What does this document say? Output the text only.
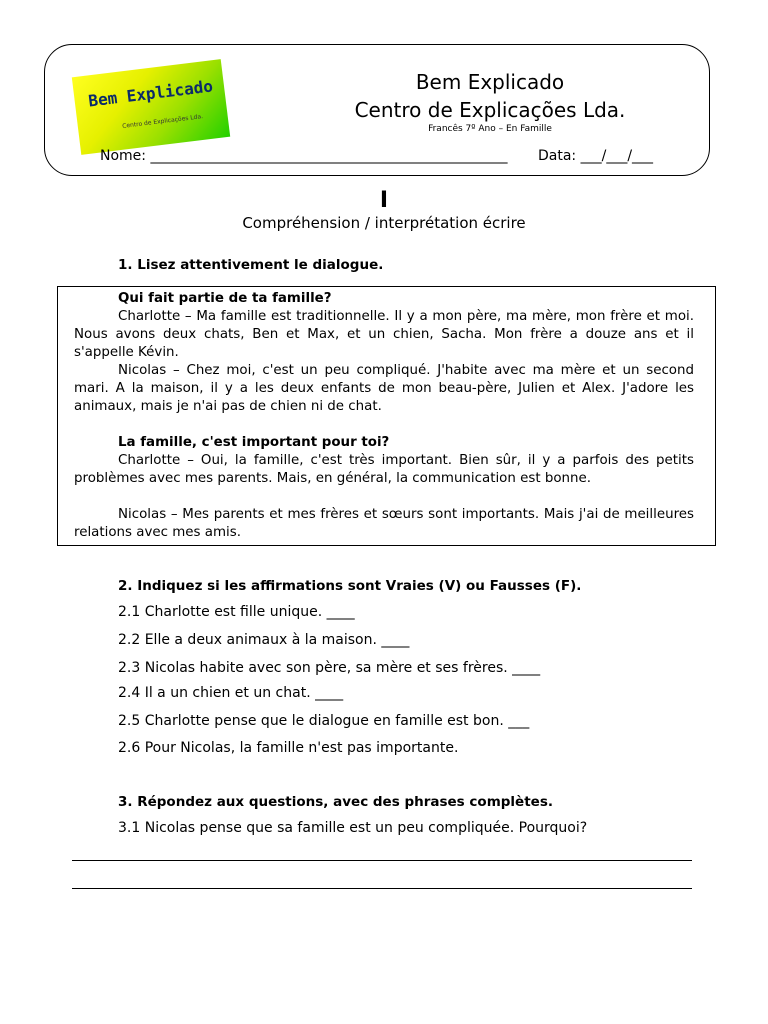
Bem Explicado
Centro de Explicações Lda.
Bem Explicado
Centro de Explicações Lda.
Francês 7º Ano – En Famille
Nome: ___________________________________________________ Data: ___/___/___
I
Compréhension / interprétation écrire
1. Lisez attentivement le dialogue.
Qui fait partie de ta famille?
Charlotte – Ma famille est traditionnelle. Il y a mon père, ma mère, mon frère et moi. Nous avons deux chats, Ben et Max, et un chien, Sacha. Mon frère a douze ans et il s'appelle Kévin.
Nicolas – Chez moi, c'est un peu compliqué. J'habite avec ma mère et un second mari. A la maison, il y a les deux enfants de mon beau-père, Julien et Alex. J'adore les animaux, mais je n'ai pas de chien ni de chat.
La famille, c'est important pour toi?
Charlotte – Oui, la famille, c'est très important. Bien sûr, il y a parfois des petits problèmes avec mes parents. Mais, en général, la communication est bonne.
Nicolas – Mes parents et mes frères et sœurs sont importants. Mais j'ai de meilleures relations avec mes amis.
2. Indiquez si les affirmations sont Vraies (V) ou Fausses (F).
2.1 Charlotte est fille unique. ____
2.2 Elle a deux animaux à la maison. ____
2.3 Nicolas habite avec son père, sa mère et ses frères. ____
2.4 Il a un chien et un chat. ____
2.5 Charlotte pense que le dialogue en famille est bon. ___
2.6 Pour Nicolas, la famille n'est pas importante.
3. Répondez aux questions, avec des phrases complètes.
3.1 Nicolas pense que sa famille est un peu compliquée. Pourquoi?
